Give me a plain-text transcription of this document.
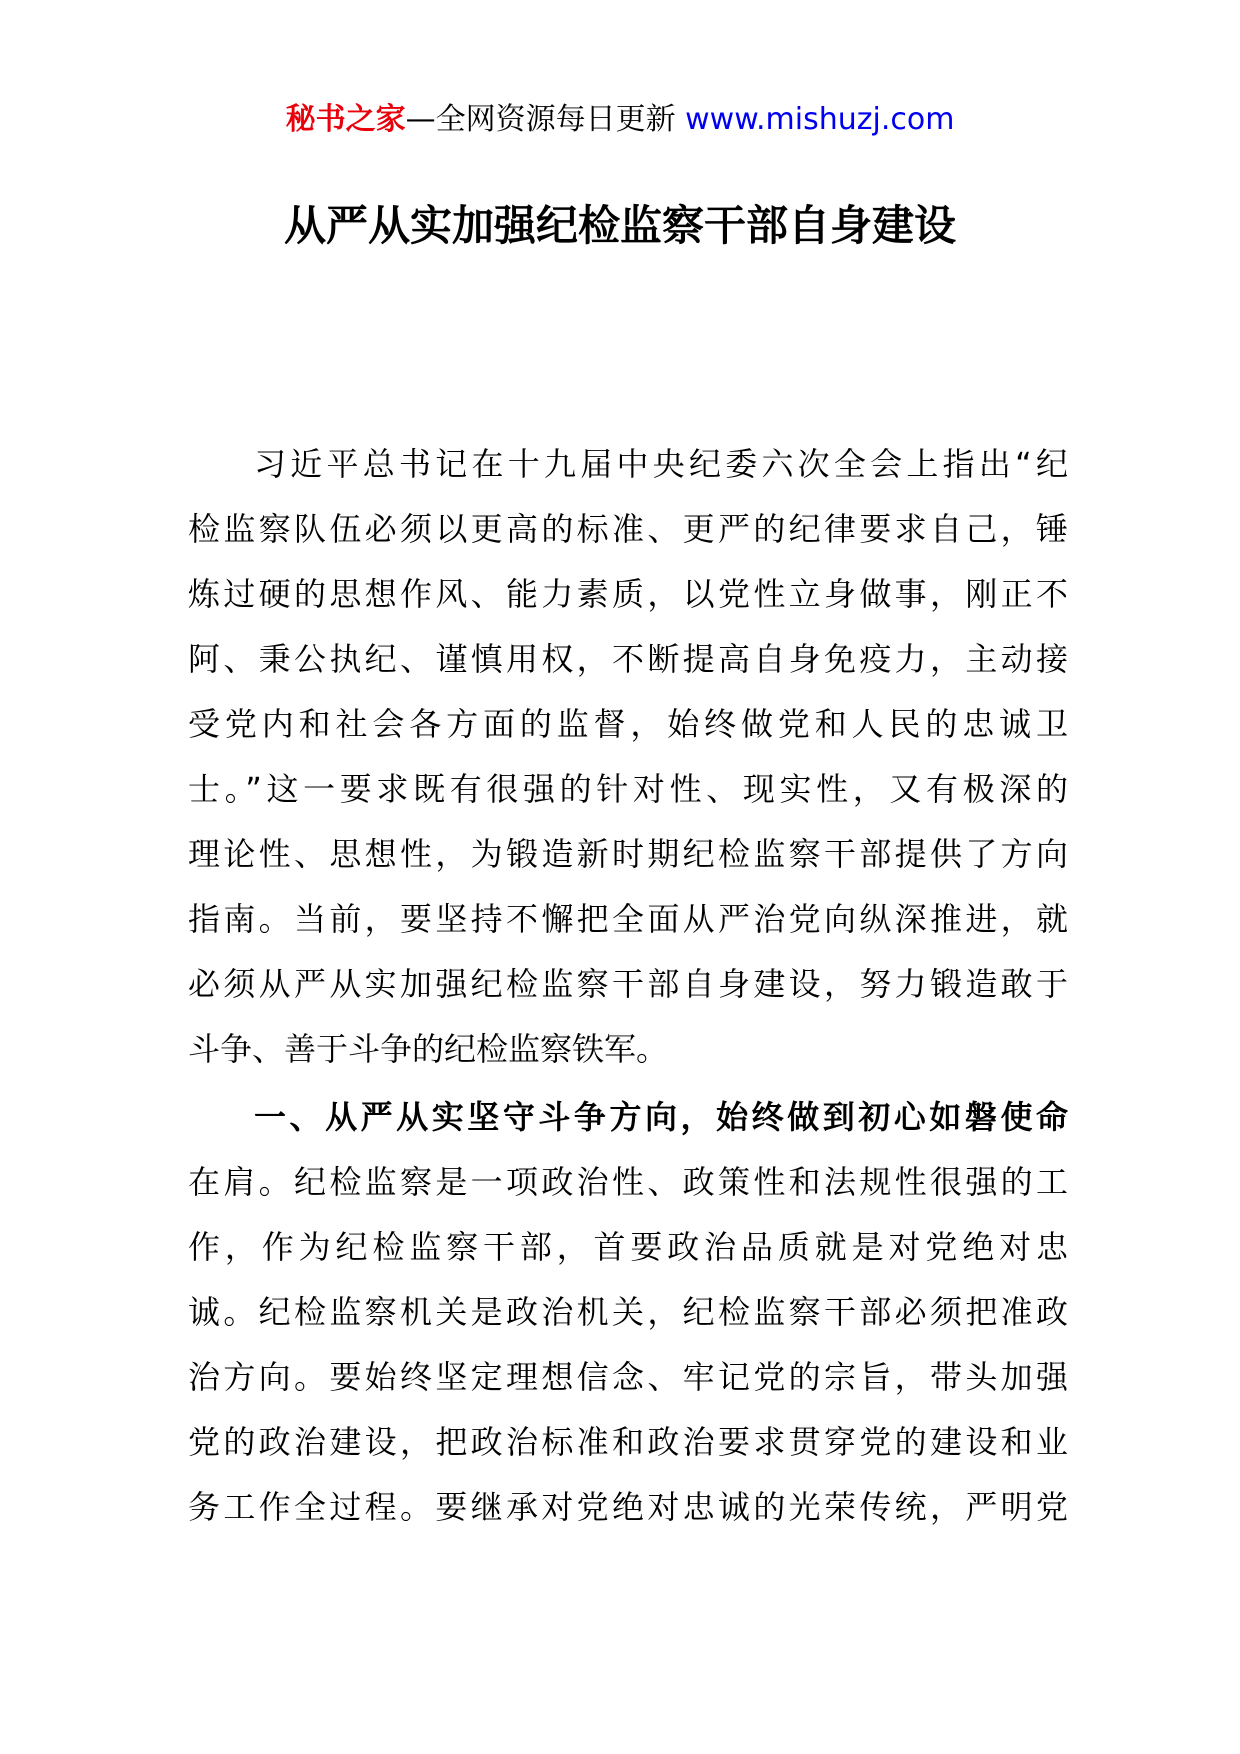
秘书之家—全网资源每日更新 www.mishuzj.com
从严从实加强纪检监察干部自身建设
习近平总书记在十九届中央纪委六次全会上指出“纪
检监察队伍必须以更高的标准、更严的纪律要求自己，锤
炼过硬的思想作风、能力素质，以党性立身做事，刚正不
阿、秉公执纪、谨慎用权，不断提高自身免疫力，主动接
受党内和社会各方面的监督，始终做党和人民的忠诚卫
士。”这一要求既有很强的针对性、现实性，又有极深的
理论性、思想性，为锻造新时期纪检监察干部提供了方向
指南。当前，要坚持不懈把全面从严治党向纵深推进，就
必须从严从实加强纪检监察干部自身建设，努力锻造敢于
斗争、善于斗争的纪检监察铁军。
一、从严从实坚守斗争方向，始终做到初心如磐使命
在肩。纪检监察是一项政治性、政策性和法规性很强的工
作，作为纪检监察干部，首要政治品质就是对党绝对忠
诚。纪检监察机关是政治机关，纪检监察干部必须把准政
治方向。要始终坚定理想信念、牢记党的宗旨，带头加强
党的政治建设，把政治标准和政治要求贯穿党的建设和业
务工作全过程。要继承对党绝对忠诚的光荣传统，严明党
